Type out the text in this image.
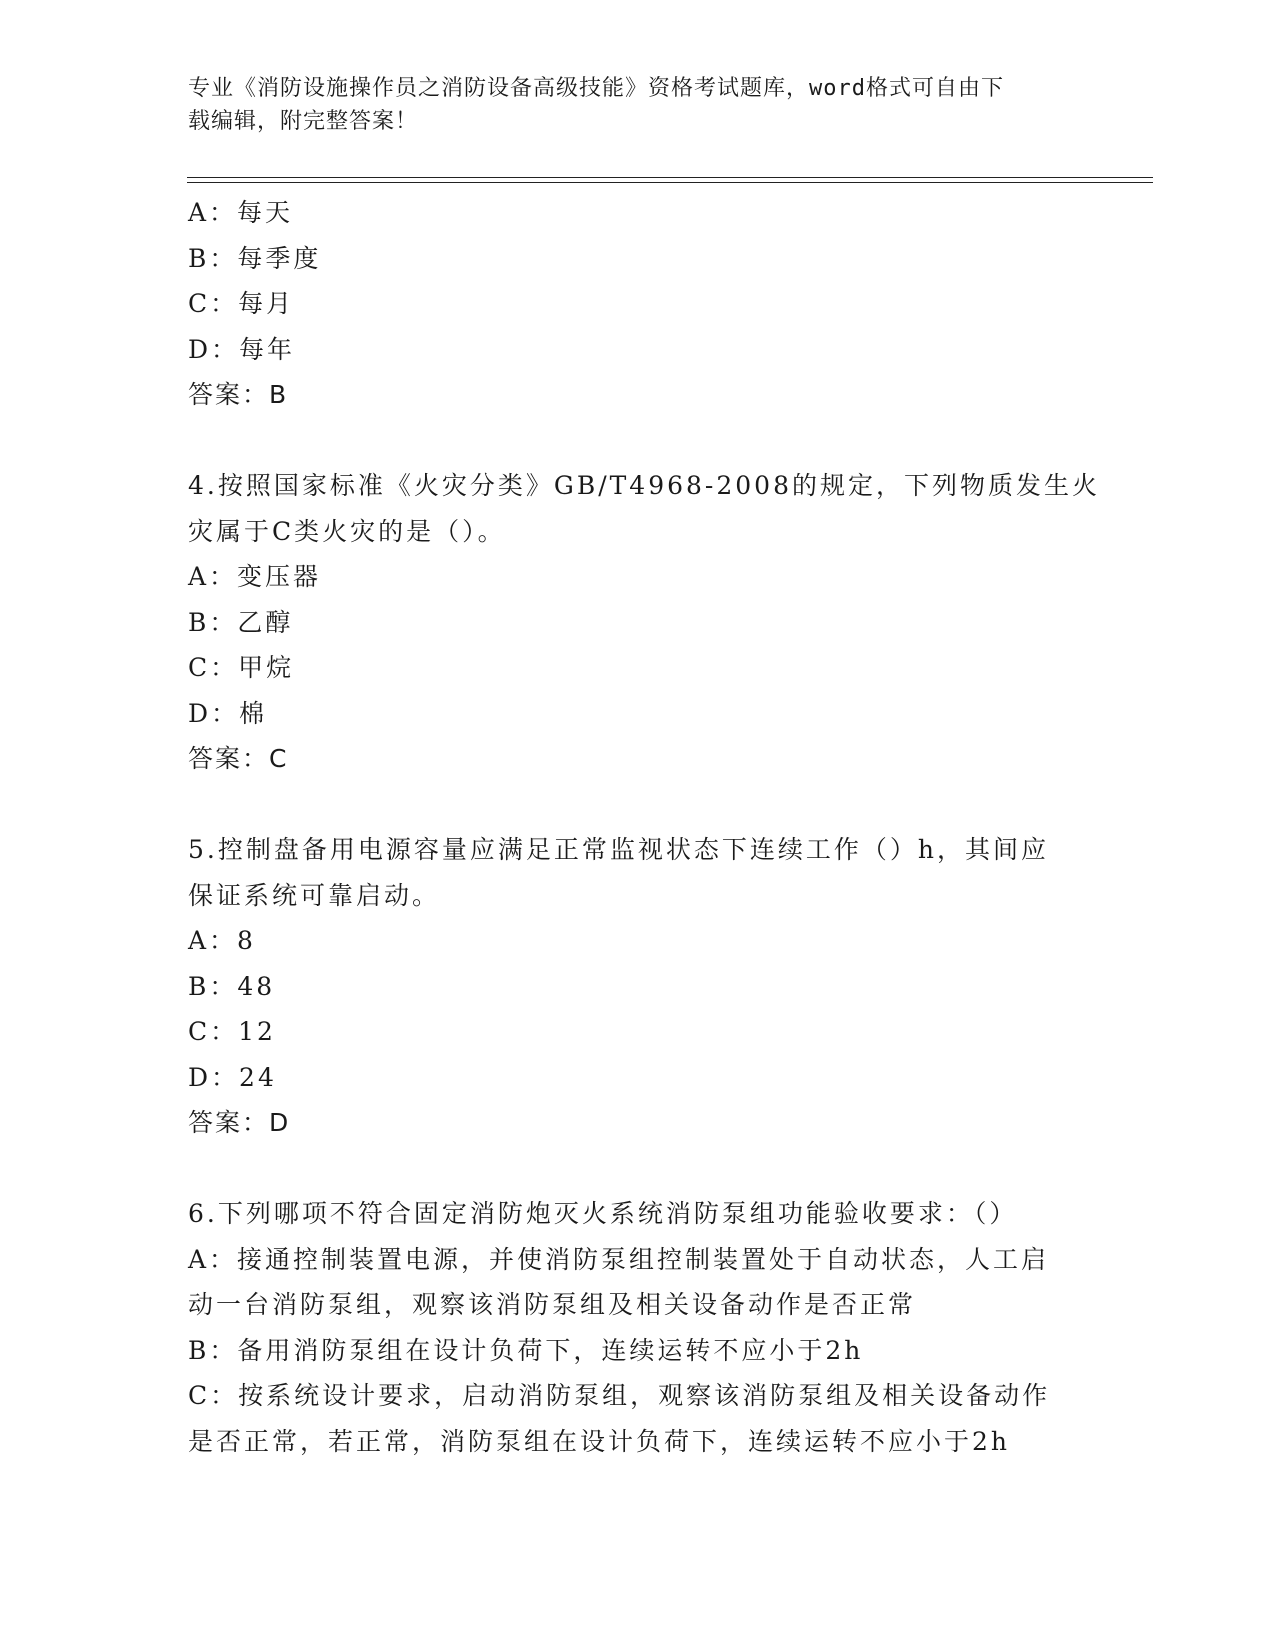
专业《消防设施操作员之消防设备高级技能》资格考试题库，word格式可自由下
载编辑，附完整答案！
A：每天
B：每季度
C：每月
D：每年
答案：B
4.按照国家标准《火灾分类》GB/T4968-2008的规定，下列物质发生火
灾属于C类火灾的是（）。
A：变压器
B：乙醇
C：甲烷
D：棉
答案：C
5.控制盘备用电源容量应满足正常监视状态下连续工作（）h，其间应
保证系统可靠启动。
A：8
B：48
C：12
D：24
答案：D
6.下列哪项不符合固定消防炮灭火系统消防泵组功能验收要求：（）
A：接通控制装置电源，并使消防泵组控制装置处于自动状态，人工启
动一台消防泵组，观察该消防泵组及相关设备动作是否正常
B：备用消防泵组在设计负荷下，连续运转不应小于2h
C：按系统设计要求，启动消防泵组，观察该消防泵组及相关设备动作
是否正常，若正常，消防泵组在设计负荷下，连续运转不应小于2h
